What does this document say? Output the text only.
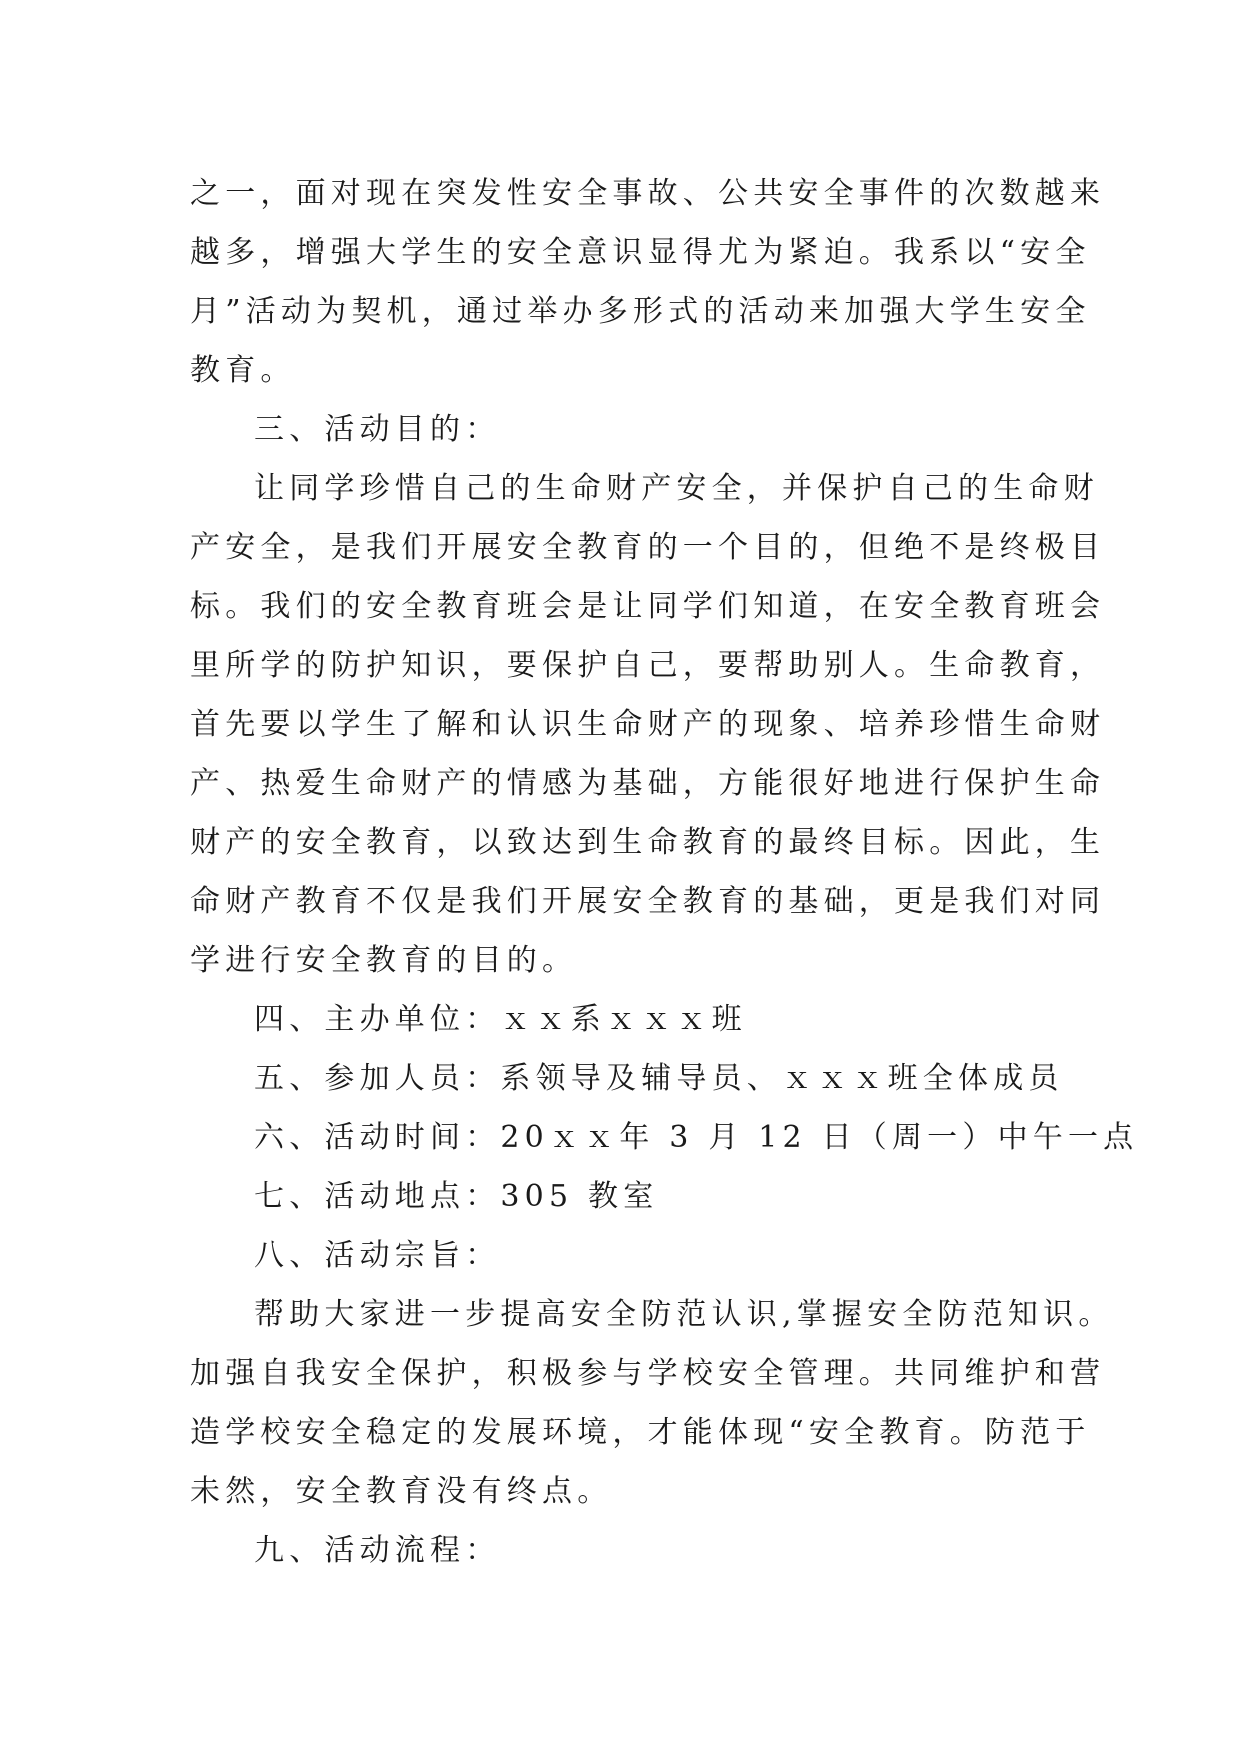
之一，面对现在突发性安全事故、公共安全事件的次数越来
越多，增强大学生的安全意识显得尤为紧迫。我系以“安全
月”活动为契机，通过举办多形式的活动来加强大学生安全
教育。
三、活动目的：
让同学珍惜自己的生命财产安全，并保护自己的生命财
产安全，是我们开展安全教育的一个目的，但绝不是终极目
标。我们的安全教育班会是让同学们知道，在安全教育班会
里所学的防护知识，要保护自己，要帮助别人。生命教育，
首先要以学生了解和认识生命财产的现象、培养珍惜生命财
产、热爱生命财产的情感为基础，方能很好地进行保护生命
财产的安全教育，以致达到生命教育的最终目标。因此，生
命财产教育不仅是我们开展安全教育的基础，更是我们对同
学进行安全教育的目的。
四、主办单位：ｘｘ系ｘｘｘ班
五、参加人员：系领导及辅导员、ｘｘｘ班全体成员
六、活动时间：20ｘｘ年 3 月 12 日（周一）中午一点
七、活动地点：305 教室
八、活动宗旨：
帮助大家进一步提高安全防范认识,掌握安全防范知识。
加强自我安全保护，积极参与学校安全管理。共同维护和营
造学校安全稳定的发展环境，才能体现“安全教育。防范于
未然，安全教育没有终点。
九、活动流程：
